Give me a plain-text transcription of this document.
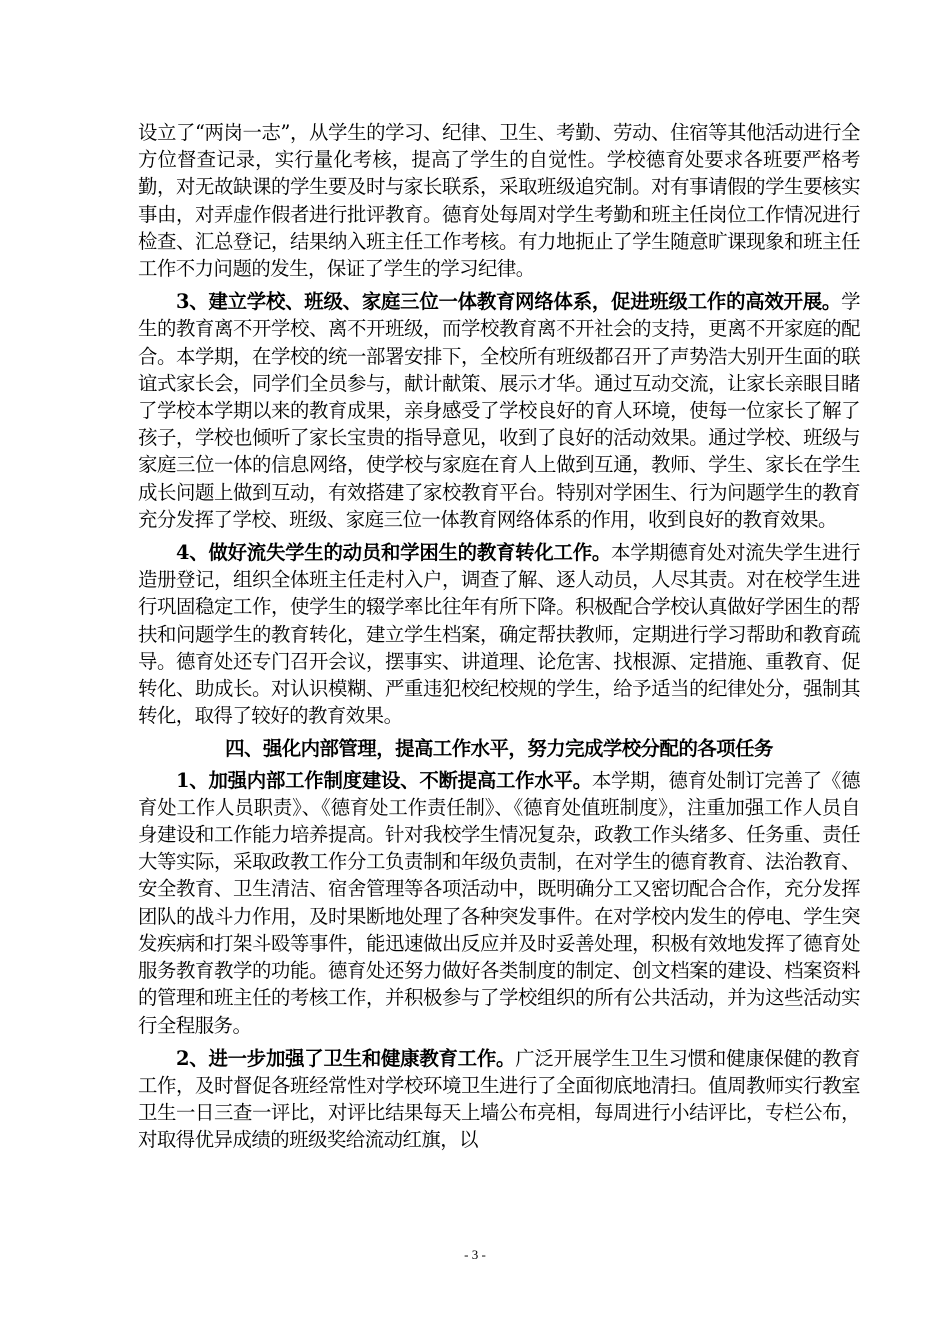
设立了“两岗一志”，从学生的学习、纪律、卫生、考勤、劳动、住宿等其他活动进行全方位督查记录，实行量化考核，提高了学生的自觉性。学校德育处要求各班要严格考勤，对无故缺课的学生要及时与家长联系，采取班级追究制。对有事请假的学生要核实事由，对弄虚作假者进行批评教育。德育处每周对学生考勤和班主任岗位工作情况进行检查、汇总登记，结果纳入班主任工作考核。有力地扼止了学生随意旷课现象和班主任工作不力问题的发生，保证了学生的学习纪律。

3、建立学校、班级、家庭三位一体教育网络体系，促进班级工作的高效开展。学生的教育离不开学校、离不开班级，而学校教育离不开社会的支持，更离不开家庭的配合。本学期，在学校的统一部署安排下，全校所有班级都召开了声势浩大别开生面的联谊式家长会，同学们全员参与，献计献策、展示才华。通过互动交流，让家长亲眼目睹了学校本学期以来的教育成果，亲身感受了学校良好的育人环境，使每一位家长了解了孩子，学校也倾听了家长宝贵的指导意见，收到了良好的活动效果。通过学校、班级与家庭三位一体的信息网络，使学校与家庭在育人上做到互通，教师、学生、家长在学生成长问题上做到互动，有效搭建了家校教育平台。特别对学困生、行为问题学生的教育充分发挥了学校、班级、家庭三位一体教育网络体系的作用，收到良好的教育效果。

4、做好流失学生的动员和学困生的教育转化工作。本学期德育处对流失学生进行造册登记，组织全体班主任走村入户，调查了解、逐人动员，人尽其责。对在校学生进行巩固稳定工作，使学生的辍学率比往年有所下降。积极配合学校认真做好学困生的帮扶和问题学生的教育转化，建立学生档案，确定帮扶教师，定期进行学习帮助和教育疏导。德育处还专门召开会议，摆事实、讲道理、论危害、找根源、定措施、重教育、促转化、助成长。对认识模糊、严重违犯校纪校规的学生，给予适当的纪律处分，强制其转化，取得了较好的教育效果。

四、强化内部管理，提高工作水平，努力完成学校分配的各项任务

1、加强内部工作制度建设、不断提高工作水平。本学期，德育处制订完善了《德育处工作人员职责》、《德育处工作责任制》、《德育处值班制度》，注重加强工作人员自身建设和工作能力培养提高。针对我校学生情况复杂，政教工作头绪多、任务重、责任大等实际，采取政教工作分工负责制和年级负责制，在对学生的德育教育、法治教育、安全教育、卫生清洁、宿舍管理等各项活动中，既明确分工又密切配合合作，充分发挥团队的战斗力作用，及时果断地处理了各种突发事件。在对学校内发生的停电、学生突发疾病和打架斗殴等事件，能迅速做出反应并及时妥善处理，积极有效地发挥了德育处服务教育教学的功能。德育处还努力做好各类制度的制定、创文档案的建设、档案资料的管理和班主任的考核工作，并积极参与了学校组织的所有公共活动，并为这些活动实行全程服务。

2、进一步加强了卫生和健康教育工作。广泛开展学生卫生习惯和健康保健的教育工作，及时督促各班经常性对学校环境卫生进行了全面彻底地清扫。值周教师实行教室卫生一日三查一评比，对评比结果每天上墙公布亮相，每周进行小结评比，专栏公布，对取得优异成绩的班级奖给流动红旗，以

- 3 -
